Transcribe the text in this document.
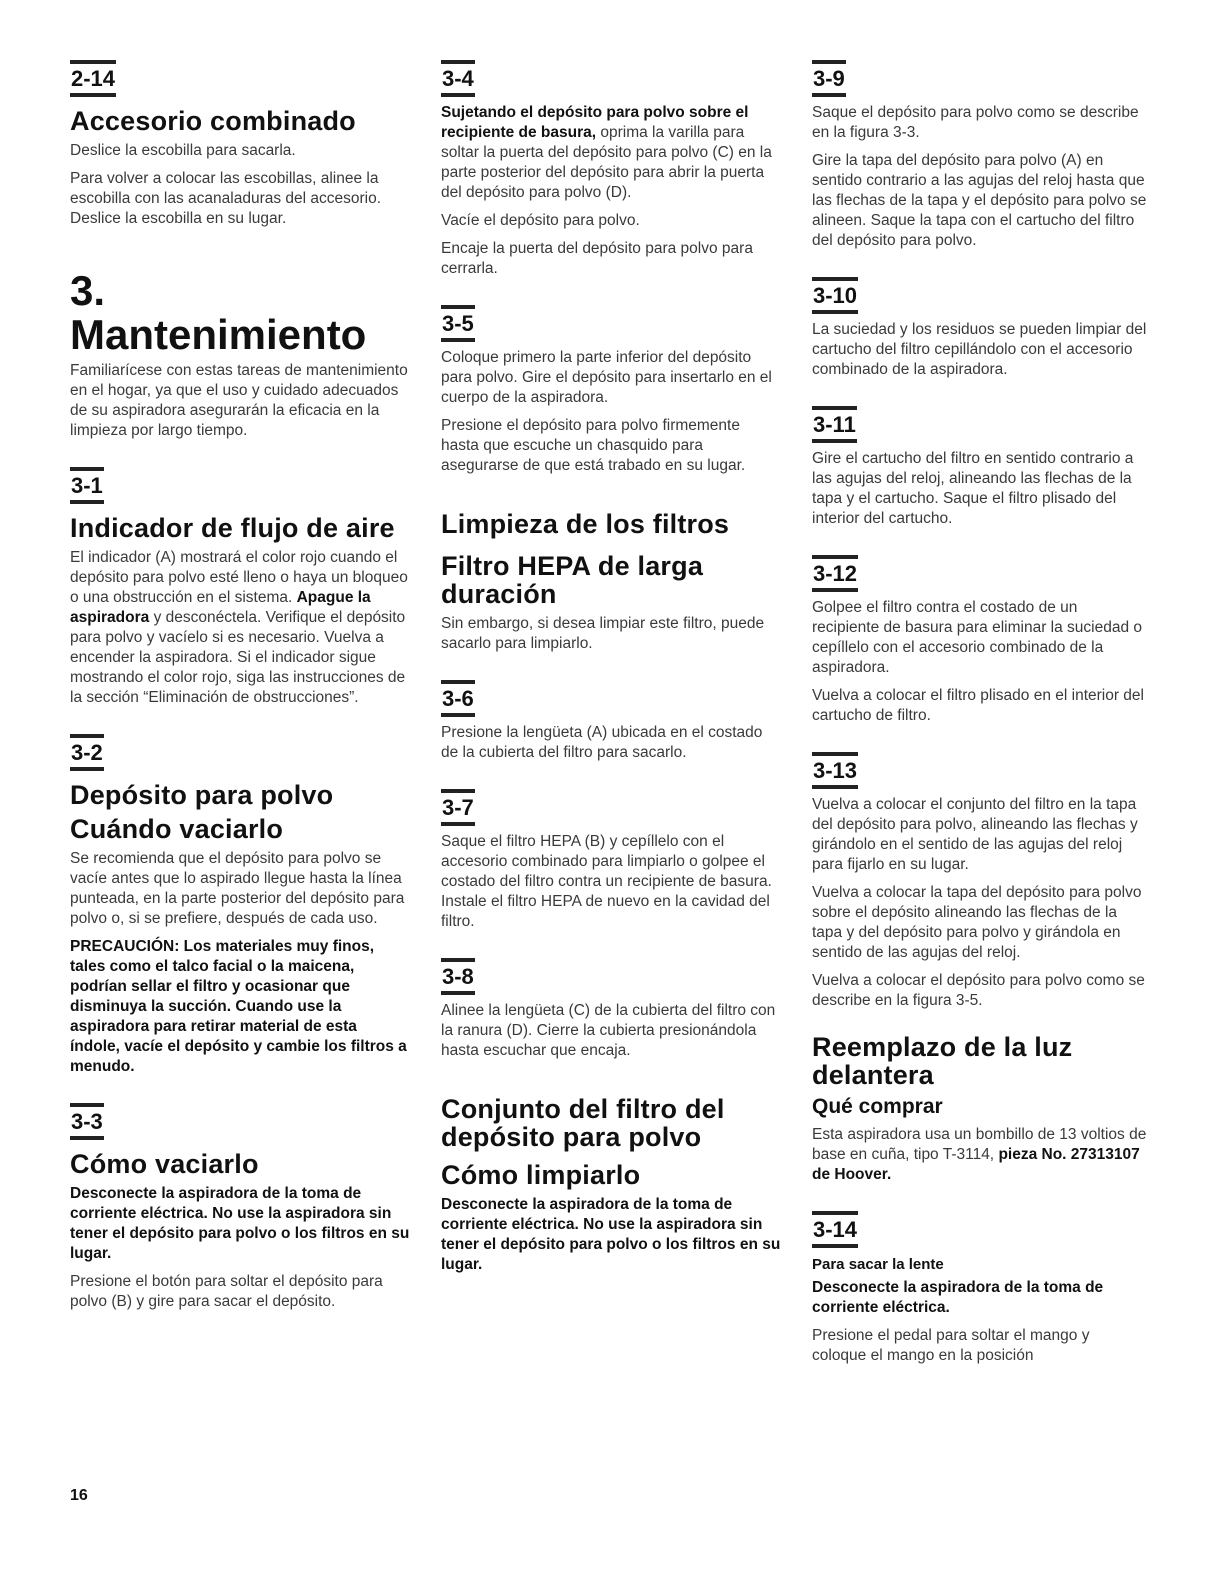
2-14
Accesorio combinado

Deslice la escobilla para sacarla.

Para volver a colocar las escobillas, alinee la escobilla con las acanaladuras del accesorio. Deslice la escobilla en su lugar.

3. Mantenimiento

Familiarícese con estas tareas de mantenimiento en el hogar, ya que el uso y cuidado adecuados de su aspiradora asegurarán la eficacia en la limpieza por largo tiempo.

3-1
Indicador de flujo de aire

El indicador (A) mostrará el color rojo cuando el depósito para polvo esté lleno o haya un bloqueo o una obstrucción en el sistema. Apague la aspiradora y desconéctela. Verifique el depósito para polvo y vacíelo si es necesario. Vuelva a encender la aspiradora. Si el indicador sigue mostrando el color rojo, siga las instrucciones de la sección “Eliminación de obstrucciones”.

3-2
Depósito para polvo
Cuándo vaciarlo

Se recomienda que el depósito para polvo se vacíe antes que lo aspirado llegue hasta la línea punteada, en la parte posterior del depósito para polvo o, si se prefiere, después de cada uso.

PRECAUCIÓN: Los materiales muy finos, tales como el talco facial o la maicena, podrían sellar el filtro y ocasionar que disminuya la succión. Cuando use la aspiradora para retirar material de esta índole, vacíe el depósito y cambie los filtros a menudo.

3-3
Cómo vaciarlo

Desconecte la aspiradora de la toma de corriente eléctrica. No use la aspiradora sin tener el depósito para polvo o los filtros en su lugar.

Presione el botón para soltar el depósito para polvo (B) y gire para sacar el depósito.

3-4

Sujetando el depósito para polvo sobre el recipiente de basura, oprima la varilla para soltar la puerta del depósito para polvo (C) en la parte posterior del depósito para abrir la puerta del depósito para polvo (D).

Vacíe el depósito para polvo.

Encaje la puerta del depósito para polvo para cerrarla.

3-5

Coloque primero la parte inferior del depósito para polvo. Gire el depósito para insertarlo en el cuerpo de la aspiradora.

Presione el depósito para polvo firmemente hasta que escuche un chasquido para asegurarse de que está trabado en su lugar.

Limpieza de los filtros
Filtro HEPA de larga duración

Sin embargo, si desea limpiar este filtro, puede sacarlo para limpiarlo.

3-6

Presione la lengüeta (A) ubicada en el costado de la cubierta del filtro para sacarlo.

3-7

Saque el filtro HEPA (B) y cepíllelo con el accesorio combinado para limpiarlo o golpee el costado del filtro contra un recipiente de basura. Instale el filtro HEPA de nuevo en la cavidad del filtro.

3-8

Alinee la lengüeta (C) de la cubierta del filtro con la ranura (D). Cierre la cubierta presionándola hasta escuchar que encaja.

Conjunto del filtro del depósito para polvo
Cómo limpiarlo

Desconecte la aspiradora de la toma de corriente eléctrica. No use la aspiradora sin tener el depósito para polvo o los filtros en su lugar.

3-9

Saque el depósito para polvo como se describe en la figura 3-3.

Gire la tapa del depósito para polvo (A) en sentido contrario a las agujas del reloj hasta que las flechas de la tapa y el depósito para polvo se alineen. Saque la tapa con el cartucho del filtro del depósito para polvo.

3-10

La suciedad y los residuos se pueden limpiar del cartucho del filtro cepillándolo con el accesorio combinado de la aspiradora.

3-11

Gire el cartucho del filtro en sentido contrario a las agujas del reloj, alineando las flechas de la tapa y el cartucho. Saque el filtro plisado del interior del cartucho.

3-12

Golpee el filtro contra el costado de un recipiente de basura para eliminar la suciedad o cepíllelo con el accesorio combinado de la aspiradora.

Vuelva a colocar el filtro plisado en el interior del cartucho de filtro.

3-13

Vuelva a colocar el conjunto del filtro en la tapa del depósito para polvo, alineando las flechas y girándolo en el sentido de las agujas del reloj para fijarlo en su lugar.

Vuelva a colocar la tapa del depósito para polvo sobre el depósito alineando las flechas de la tapa y del depósito para polvo y girándola en sentido de las agujas del reloj.

Vuelva a colocar el depósito para polvo como se describe en la figura 3-5.

Reemplazo de la luz delantera
Qué comprar

Esta aspiradora usa un bombillo de 13 voltios de base en cuña, tipo T-3114, pieza No. 27313107 de Hoover.

3-14
Para sacar la lente

Desconecte la aspiradora de la toma de corriente eléctrica.

Presione el pedal para soltar el mango y coloque el mango en la posición

16
